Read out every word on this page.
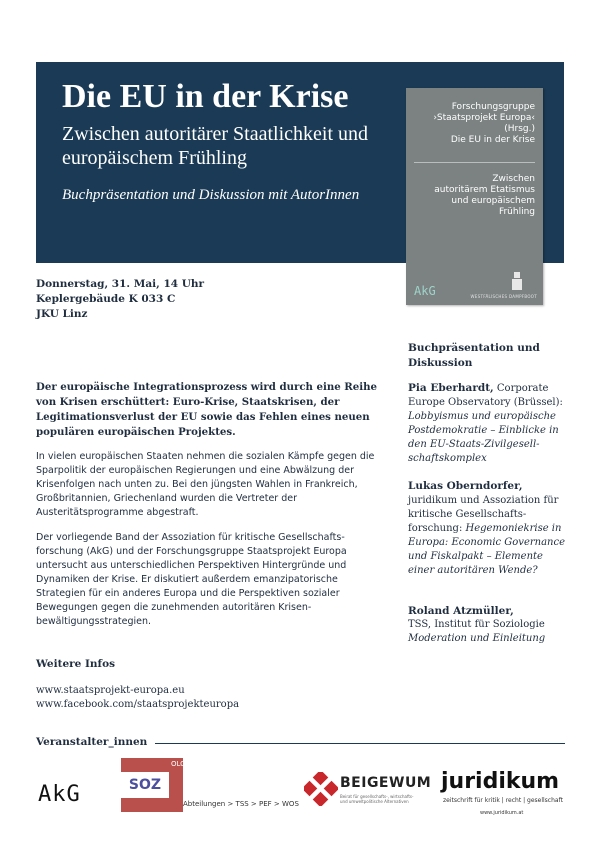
Die EU in der Krise
Zwischen autoritärer Staatlichkeit und europäischem Frühling
Buchpräsentation und Diskussion mit AutorInnen
Forschungsgruppe
›Staatsprojekt Europa‹
(Hrsg.)
Die EU in der Krise
Zwischen
autoritärem Etatismus
und europäischem
Frühling
AkG	WESTFÄLISCHES DAMPFBOOT
Donnerstag, 31. Mai, 14 Uhr
Keplergebäude K 033 C
JKU Linz
Buchpräsentation und Diskussion
Pia Eberhardt, Corporate Europe Observatory (Brüssel): Lobbyismus und europäische Postdemokratie – Einblicke in den EU-Staats-Zivilgesell-schaftskomplex
Lukas Oberndorfer, juridikum und Assoziation für kritische Gesellschafts-forschung: Hegemoniekrise in Europa: Economic Governance und Fiskalpakt – Elemente einer autoritären Wende?
Roland Atzmüller,
TSS, Institut für Soziologie
Moderation und Einleitung
Der europäische Integrationsprozess wird durch eine Reihe von Krisen erschüttert: Euro-Krise, Staatskrisen, der Legitimationsverlust der EU sowie das Fehlen eines neuen populären europäischen Projektes.
In vielen europäischen Staaten nehmen die sozialen Kämpfe gegen die Sparpolitik der europäischen Regierungen und eine Abwälzung der Krisenfolgen nach unten zu. Bei den jüngsten Wahlen in Frankreich, Großbritannien, Griechenland wurden die Vertreter der Austeritätsprogramme abgestraft.
Der vorliegende Band der Assoziation für kritische Gesellschafts-forschung (AkG) und der Forschungsgruppe Staatsprojekt Europa untersucht aus unterschiedlichen Perspektiven Hintergründe und Dynamiken der Krise. Er diskutiert außerdem emanzipatorische Strategien für ein anderes Europa und die Perspektiven sozialer Bewegungen gegen die zunehmenden autoritären Krisen-bewältigungsstrategien.
Weitere Infos
www.staatsprojekt-europa.eu
www.facebook.com/staatsprojekteuropa
Veranstalter_innen
AkG	SOZ
OLOGIE
Abteilungen > TSS > PEF > WOS
BEIGEWUM
Beirat für gesellschafts-, wirtschafts- und umweltpolitische Alternativen
juridikum
zeitschrift für kritik | recht | gesellschaft
www.juridikum.at
